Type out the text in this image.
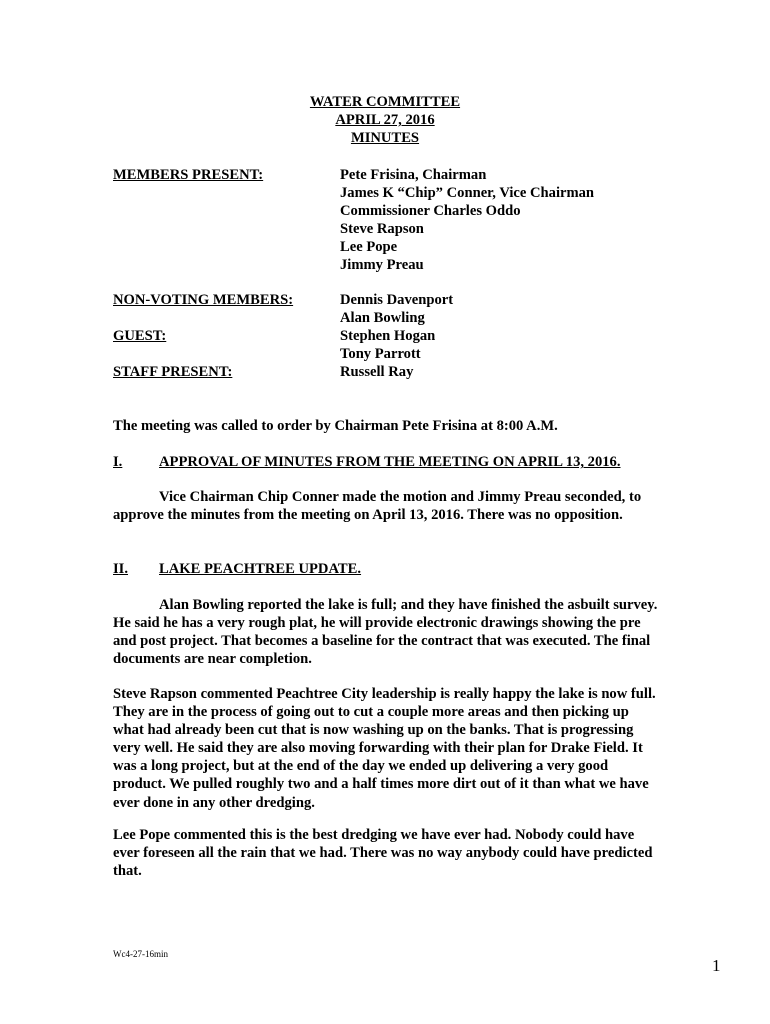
WATER COMMITTEE
APRIL 27, 2016
MINUTES
MEMBERS PRESENT:	Pete Frisina, Chairman
James K “Chip” Conner, Vice Chairman
Commissioner Charles Oddo
Steve Rapson
Lee Pope
Jimmy Preau
NON-VOTING MEMBERS:	Dennis Davenport
Alan Bowling
GUEST:	Stephen Hogan
Tony Parrott
STAFF PRESENT:	Russell Ray
The meeting was called to order by Chairman Pete Frisina at 8:00 A.M.
I.	APPROVAL OF MINUTES FROM THE MEETING ON APRIL 13, 2016.
Vice Chairman Chip Conner made the motion and Jimmy Preau seconded, to approve the minutes from the meeting on April 13, 2016. There was no opposition.
II. LAKE PEACHTREE UPDATE.
Alan Bowling reported the lake is full; and they have finished the asbuilt survey. He said he has a very rough plat, he will provide electronic drawings showing the pre and post project. That becomes a baseline for the contract that was executed. The final documents are near completion.
Steve Rapson commented Peachtree City leadership is really happy the lake is now full. They are in the process of going out to cut a couple more areas and then picking up what had already been cut that is now washing up on the banks. That is progressing very well. He said they are also moving forwarding with their plan for Drake Field. It was a long project, but at the end of the day we ended up delivering a very good product. We pulled roughly two and a half times more dirt out of it than what we have ever done in any other dredging.
Lee Pope commented this is the best dredging we have ever had. Nobody could have ever foreseen all the rain that we had. There was no way anybody could have predicted that.
Wc4-27-16min
1
